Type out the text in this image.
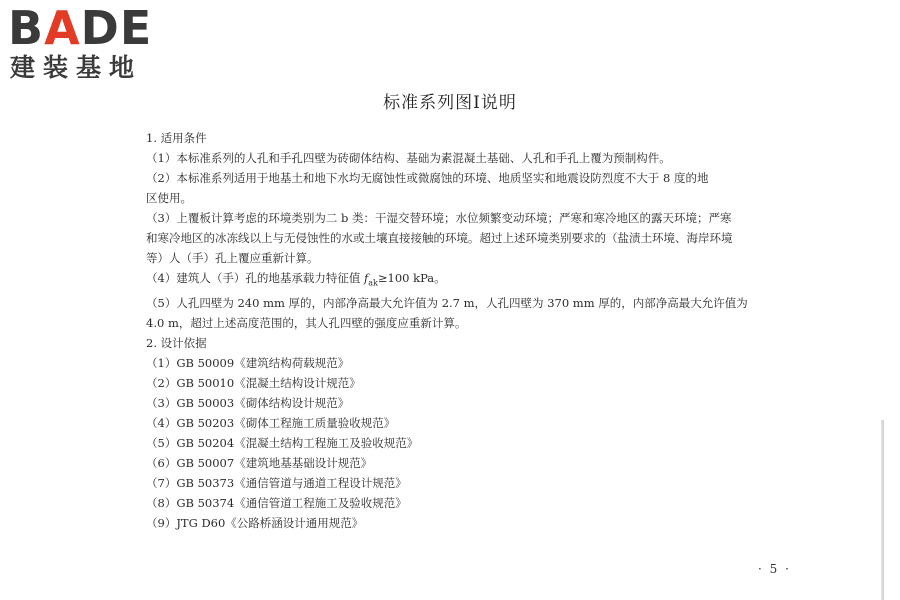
BADE
建装基地
标准系列图Ⅰ说明
1. 适用条件
（1）本标准系列的人孔和手孔四壁为砖砌体结构、基础为素混凝土基础、人孔和手孔上覆为预制构件。
（2）本标准系列适用于地基土和地下水均无腐蚀性或微腐蚀的环境、地质坚实和地震设防烈度不大于 8 度的地
区使用。
（3）上覆板计算考虑的环境类别为二 b 类：干湿交替环境；水位频繁变动环境；严寒和寒冷地区的露天环境；严寒
和寒冷地区的冰冻线以上与无侵蚀性的水或土壤直接接触的环境。超过上述环境类别要求的（盐渍土环境、海岸环境
等）人（手）孔上覆应重新计算。
（4）建筑人（手）孔的地基承载力特征值 $f_{ak}\ge 100$ kPa。
（5）人孔四壁为 240 mm 厚的，内部净高最大允许值为 2.7 m，人孔四壁为 370 mm 厚的，内部净高最大允许值为
4.0 m，超过上述高度范围的，其人孔四壁的强度应重新计算。
2. 设计依据
（1）GB 50009《建筑结构荷载规范》
（2）GB 50010《混凝土结构设计规范》
（3）GB 50003《砌体结构设计规范》
（4）GB 50203《砌体工程施工质量验收规范》
（5）GB 50204《混凝土结构工程施工及验收规范》
（6）GB 50007《建筑地基基础设计规范》
（7）GB 50373《通信管道与通道工程设计规范》
（8）GB 50374《通信管道工程施工及验收规范》
（9）JTG D60《公路桥涵设计通用规范》
· 5 ·
